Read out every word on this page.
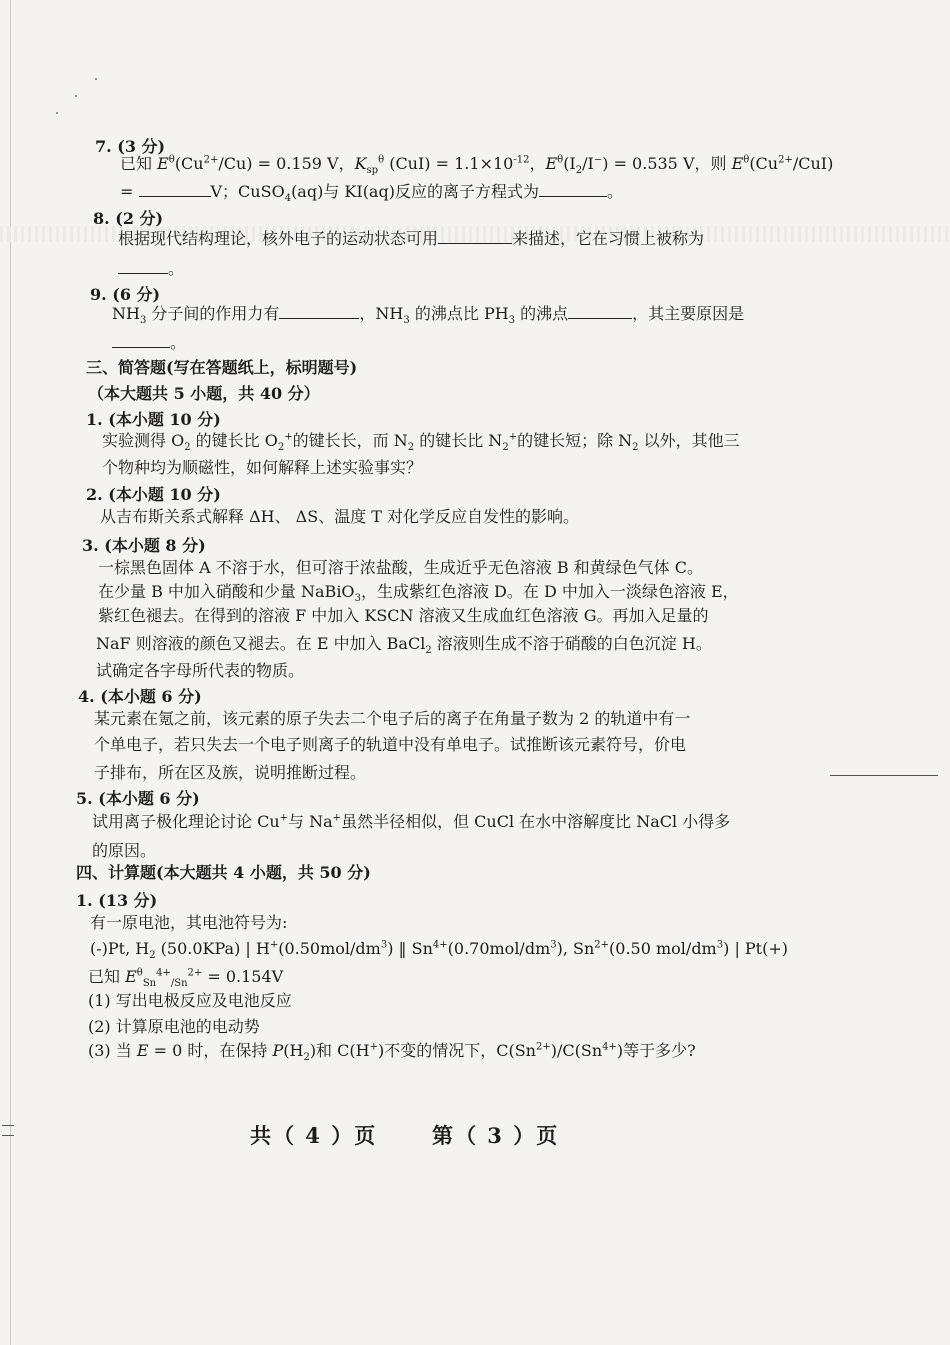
7. (3 分)
已知 $E^\theta(Cu^{2+}/Cu) = 0.159$ V，$K_{sp}^\theta$ $(CuI) = 1.1\times 10^{-12}$，$E^\theta(I_2/I^-) = 0.535$ V，则 $E^\theta(Cu^{2+}/CuI)$
=	V；CuSO$_4$(aq)与 KI(aq)反应的离子方程式为	。
8. (2 分)
根据现代结构理论，核外电子的运动状态可用	来描述，它在习惯上被称为
。
9. (6 分)
$NH_3$ 分子间的作用力有	，$NH_3$ 的沸点比 $PH_3$ 的沸点	，其主要原因是
。
三、简答题(写在答题纸上，标明题号)
（本大题共 5 小题，共 40 分）
1. (本小题 10 分)
实验测得 $O_2$ 的键长比 $O_2^+$的键长长，而 $N_2$ 的键长比 $N_2^+$的键长短；除 $N_2$ 以外，其他三
个物种均为顺磁性，如何解释上述实验事实？
2. (本小题 10 分)
从吉布斯关系式解释 ΔH、 ΔS、温度 T 对化学反应自发性的影响。
3. (本小题 8 分)
一棕黑色固体 A 不溶于水，但可溶于浓盐酸，生成近乎无色溶液 B 和黄绿色气体 C。
在少量 B 中加入硝酸和少量 NaBiO$_3$，生成紫红色溶液 D。在 D 中加入一淡绿色溶液 E，
紫红色褪去。在得到的溶液 F 中加入 KSCN 溶液又生成血红色溶液 G。再加入足量的
NaF 则溶液的颜色又褪去。在 E 中加入 BaCl$_2$ 溶液则生成不溶于硝酸的白色沉淀 H。
试确定各字母所代表的物质。
4. (本小题 6 分)
某元素在氪之前，该元素的原子失去二个电子后的离子在角量子数为 2 的轨道中有一
个单电子，若只失去一个电子则离子的轨道中没有单电子。试推断该元素符号，价电
子排布，所在区及族，说明推断过程。
5. (本小题 6 分)
试用离子极化理论讨论 Cu+与 Na+虽然半径相似，但 CuCl 在水中溶解度比 NaCl 小得多
的原因。
四、计算题(本大题共 4 小题，共 50 分)
1. (13 分)
有一原电池，其电池符号为:
(-)Pt, $H_2$ (50.0KPa) | $H^+(0.50mol/dm^3)$ ‖ $Sn^{4+}(0.70mol/dm^3)$, $Sn^{2+}(0.50$ mol/$dm^3$) | Pt(+)
已知 $E^\theta_{Sn}^{4+}_{/Sn}^{2+} = 0.154V$
(1) 写出电极反应及电池反应
(2) 计算原电池的电动势
(3) 当 E = 0 时，在保持 $P(H_2)$和 C(H+)不变的情况下，$C(Sn^{2+})/C(Sn^{4+})$等于多少?
共（ 4 ）页	第（ 3 ）页
